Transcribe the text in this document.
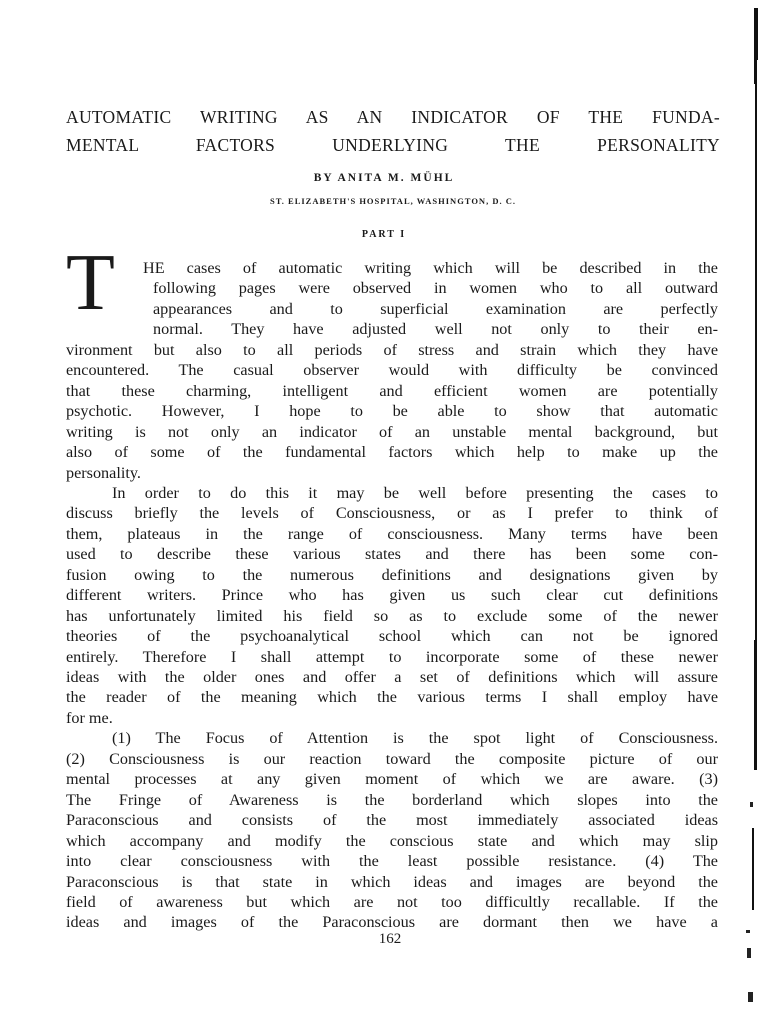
AUTOMATIC WRITING AS AN INDICATOR OF THE FUNDA-
MENTAL FACTORS UNDERLYING THE PERSONALITY
BY ANITA M. MÜHL
ST. ELIZABETH'S HOSPITAL, WASHINGTON, D. C.
PART I
T	HE cases of automatic writing which will be described in the
following pages were observed in women who to all outward
appearances and to superficial examination are perfectly
normal. They have adjusted well not only to their en-
vironment but also to all periods of stress and strain which they have
encountered. The casual observer would with difficulty be convinced
that these charming, intelligent and efficient women are potentially
psychotic. However, I hope to be able to show that automatic
writing is not only an indicator of an unstable mental background, but
also of some of the fundamental factors which help to make up the
personality.
In order to do this it may be well before presenting the cases to
discuss briefly the levels of Consciousness, or as I prefer to think of
them, plateaus in the range of consciousness. Many terms have been
used to describe these various states and there has been some con-
fusion owing to the numerous definitions and designations given by
different writers. Prince who has given us such clear cut definitions
has unfortunately limited his field so as to exclude some of the newer
theories of the psychoanalytical school which can not be ignored
entirely. Therefore I shall attempt to incorporate some of these newer
ideas with the older ones and offer a set of definitions which will assure
the reader of the meaning which the various terms I shall employ have
for me.
(1) The Focus of Attention is the spot light of Consciousness.
(2) Consciousness is our reaction toward the composite picture of our
mental processes at any given moment of which we are aware. (3)
The Fringe of Awareness is the borderland which slopes into the
Paraconscious and consists of the most immediately associated ideas
which accompany and modify the conscious state and which may slip
into clear consciousness with the least possible resistance. (4) The
Paraconscious is that state in which ideas and images are beyond the
field of awareness but which are not too difficultly recallable. If the
ideas and images of the Paraconscious are dormant then we have a
162
